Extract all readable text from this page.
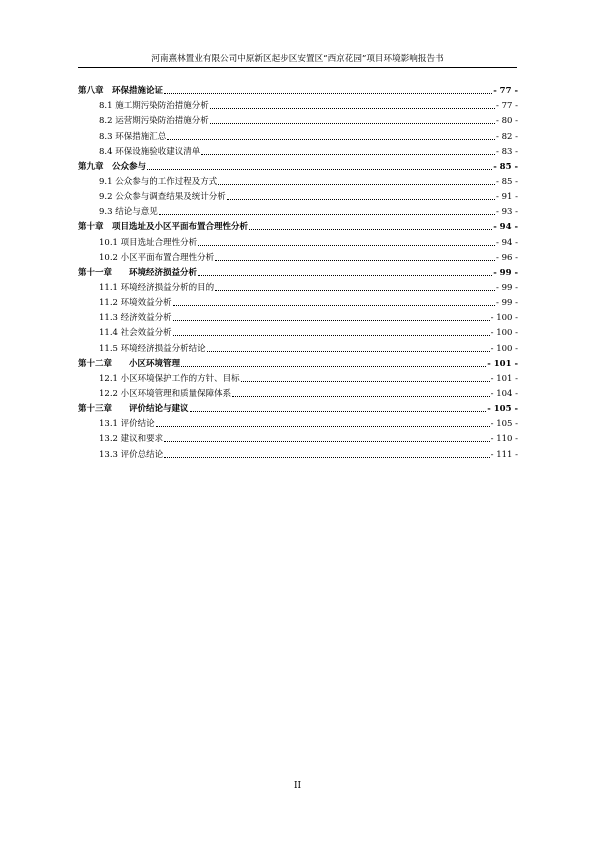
河南熹林置业有限公司中原新区起步区安置区“西京花园”项目环境影响报告书
第八章　环保措施论证	- 77 -
8.1 施工期污染防治措施分析	- 77 -
8.2 运营期污染防治措施分析	- 80 -
8.3 环保措施汇总	- 82 -
8.4 环保设施验收建议清单	- 83 -
第九章　公众参与	- 85 -
9.1 公众参与的工作过程及方式	- 85 -
9.2 公众参与调查结果及统计分析	- 91 -
9.3 结论与意见	- 93 -
第十章　项目选址及小区平面布置合理性分析	- 94 -
10.1 项目选址合理性分析	- 94 -
10.2 小区平面布置合理性分析	- 96 -
第十一章　　环境经济损益分析	- 99 -
11.1 环境经济损益分析的目的	- 99 -
11.2 环境效益分析	- 99 -
11.3 经济效益分析	- 100 -
11.4 社会效益分析	- 100 -
11.5 环境经济损益分析结论	- 100 -
第十二章　　小区环境管理	- 101 -
12.1 小区环境保护工作的方针、目标	- 101 -
12.2 小区环境管理和质量保障体系	- 104 -
第十三章　　评价结论与建议	- 105 -
13.1 评价结论	- 105 -
13.2 建议和要求	- 110 -
13.3 评价总结论	- 111 -
II
